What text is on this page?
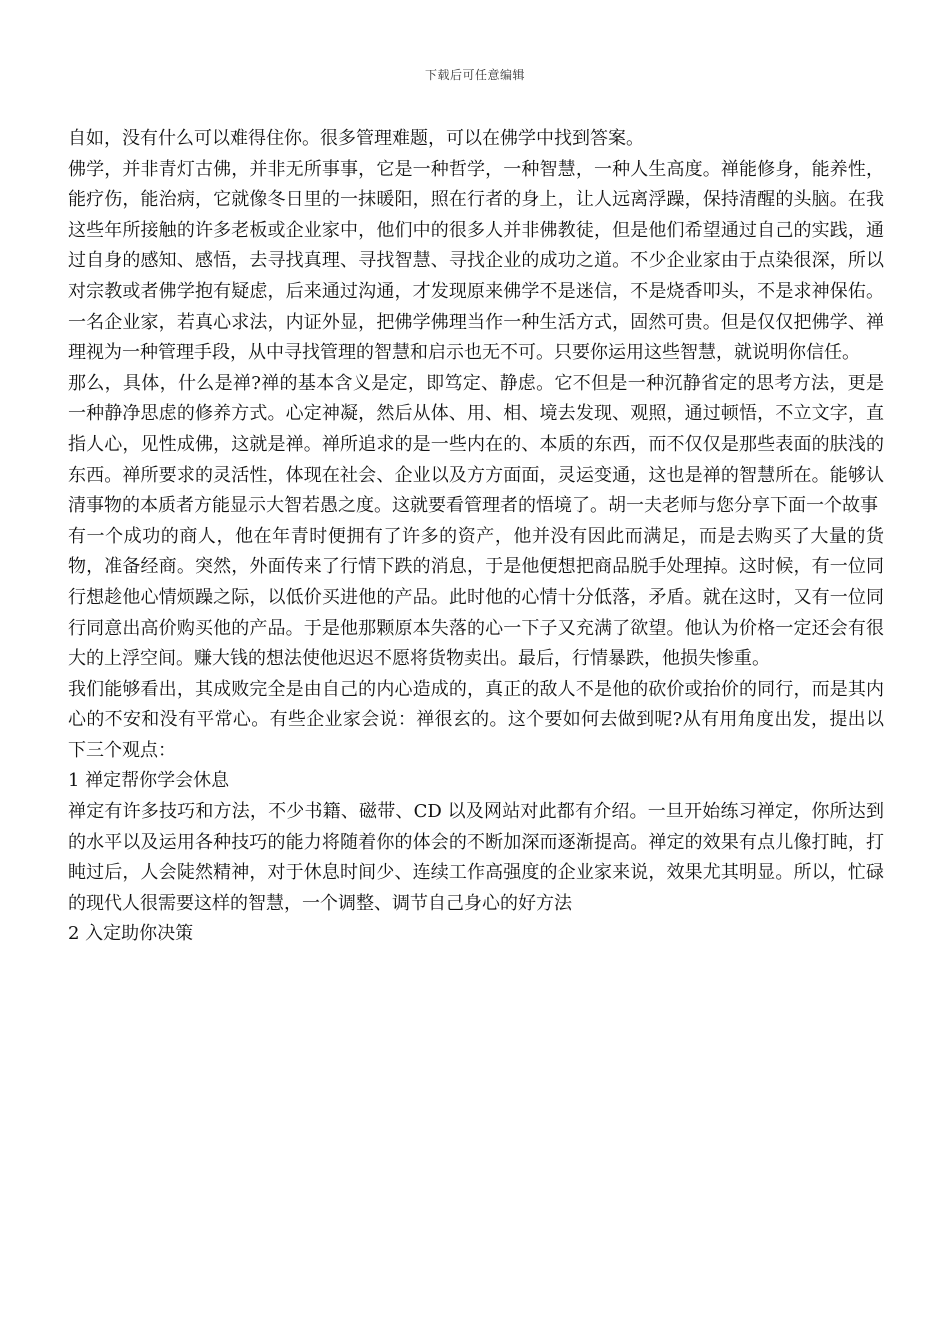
下载后可任意编辑

自如，没有什么可以难得住你。很多管理难题，可以在佛学中找到答案。

佛学，并非青灯古佛，并非无所事事，它是一种哲学，一种智慧，一种人生高度。禅能修身，能养性，能疗伤，能治病，它就像冬日里的一抹暖阳，照在行者的身上，让人远离浮躁，保持清醒的头脑。在我这些年所接触的许多老板或企业家中，他们中的很多人并非佛教徒，但是他们希望通过自己的实践，通过自身的感知、感悟，去寻找真理、寻找智慧、寻找企业的成功之道。不少企业家由于点染很深，所以对宗教或者佛学抱有疑虑，后来通过沟通，才发现原来佛学不是迷信，不是烧香叩头，不是求神保佑。一名企业家，若真心求法，内证外显，把佛学佛理当作一种生活方式，固然可贵。但是仅仅把佛学、禅理视为一种管理手段，从中寻找管理的智慧和启示也无不可。只要你运用这些智慧，就说明你信任。

那么，具体，什么是禅?禅的基本含义是定，即笃定、静虑。它不但是一种沉静省定的思考方法，更是一种静净思虑的修养方式。心定神凝，然后从体、用、相、境去发现、观照，通过顿悟，不立文字，直指人心，见性成佛，这就是禅。禅所追求的是一些内在的、本质的东西，而不仅仅是那些表面的肤浅的东西。禅所要求的灵活性，体现在社会、企业以及方方面面，灵运变通，这也是禅的智慧所在。能够认清事物的本质者方能显示大智若愚之度。这就要看管理者的悟境了。胡一夫老师与您分享下面一个故事

有一个成功的商人，他在年青时便拥有了许多的资产，他并没有因此而满足，而是去购买了大量的货物，准备经商。突然，外面传来了行情下跌的消息，于是他便想把商品脱手处理掉。这时候，有一位同行想趁他心情烦躁之际，以低价买进他的产品。此时他的心情十分低落，矛盾。就在这时，又有一位同行同意出高价购买他的产品。于是他那颗原本失落的心一下子又充满了欲望。他认为价格一定还会有很大的上浮空间。赚大钱的想法使他迟迟不愿将货物卖出。最后，行情暴跌，他损失惨重。

我们能够看出，其成败完全是由自己的内心造成的，真正的敌人不是他的砍价或抬价的同行，而是其内心的不安和没有平常心。有些企业家会说：禅很玄的。这个要如何去做到呢?从有用角度出发，提出以下三个观点：

1 禅定帮你学会休息

禅定有许多技巧和方法，不少书籍、磁带、CD 以及网站对此都有介绍。一旦开始练习禅定，你所达到的水平以及运用各种技巧的能力将随着你的体会的不断加深而逐渐提高。禅定的效果有点儿像打盹，打盹过后，人会陡然精神，对于休息时间少、连续工作高强度的企业家来说，效果尤其明显。所以，忙碌的现代人很需要这样的智慧，一个调整、调节自己身心的好方法

2 入定助你决策
